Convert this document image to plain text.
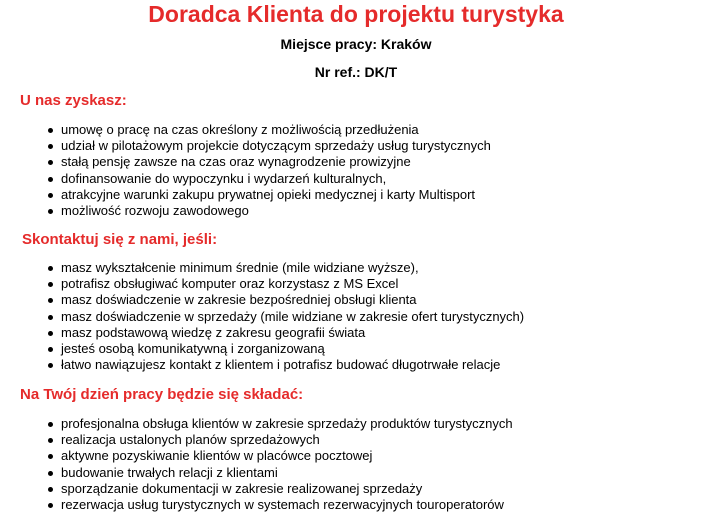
Doradca Klienta do projektu turystyka
Miejsce pracy: Kraków
Nr ref.: DK/T
U nas zyskasz:
umowę o pracę na czas określony z możliwością przedłużenia
udział w pilotażowym projekcie dotyczącym sprzedaży usług turystycznych
stałą pensję zawsze na czas oraz wynagrodzenie prowizyjne
dofinansowanie do wypoczynku i wydarzeń kulturalnych,
atrakcyjne warunki zakupu prywatnej opieki medycznej i karty Multisport
możliwość rozwoju zawodowego
Skontaktuj się z nami, jeśli:
masz wykształcenie minimum średnie (mile widziane wyższe),
potrafisz obsługiwać komputer oraz korzystasz z MS Excel
masz doświadczenie w zakresie bezpośredniej obsługi klienta
masz doświadczenie w sprzedaży (mile widziane w zakresie ofert turystycznych)
masz podstawową wiedzę z zakresu geografii świata
jesteś osobą komunikatywną i zorganizowaną
łatwo nawiązujesz kontakt z klientem i potrafisz budować długotrwałe relacje
Na Twój dzień pracy będzie się składać:
profesjonalna obsługa klientów w zakresie sprzedaży produktów turystycznych
realizacja ustalonych planów sprzedażowych
aktywne pozyskiwanie klientów w placówce pocztowej
budowanie trwałych relacji z klientami
sporządzanie dokumentacji w zakresie realizowanej sprzedaży
rezerwacja usług turystycznych w systemach rezerwacyjnych touroperatorów
